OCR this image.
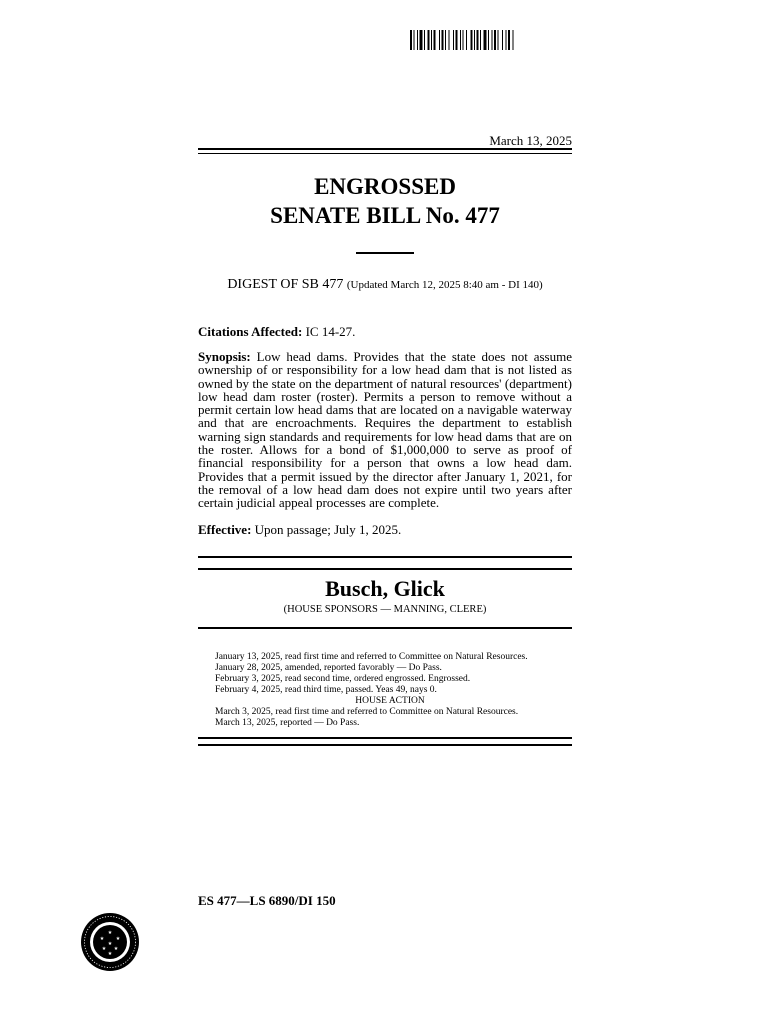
March 13, 2025
ENGROSSED
SENATE BILL No. 477
DIGEST OF SB 477 (Updated March 12, 2025 8:40 am - DI 140)
Citations Affected: IC 14-27.
Synopsis: Low head dams. Provides that the state does not assume ownership of or responsibility for a low head dam that is not listed as owned by the state on the department of natural resources' (department) low head dam roster (roster). Permits a person to remove without a permit certain low head dams that are located on a navigable waterway and that are encroachments. Requires the department to establish warning sign standards and requirements for low head dams that are on the roster. Allows for a bond of $1,000,000 to serve as proof of financial responsibility for a person that owns a low head dam. Provides that a permit issued by the director after January 1, 2021, for the removal of a low head dam does not expire until two years after certain judicial appeal processes are complete.
Effective: Upon passage; July 1, 2025.
Busch, Glick
(HOUSE SPONSORS — MANNING, CLERE)
January 13, 2025, read first time and referred to Committee on Natural Resources.
January 28, 2025, amended, reported favorably — Do Pass.
February 3, 2025, read second time, ordered engrossed. Engrossed.
February 4, 2025, read third time, passed. Yeas 49, nays 0.
HOUSE ACTION
March 3, 2025, read first time and referred to Committee on Natural Resources.
March 13, 2025, reported — Do Pass.
ES 477—LS 6890/DI 150
★
★ ★
★ ★
★
★
